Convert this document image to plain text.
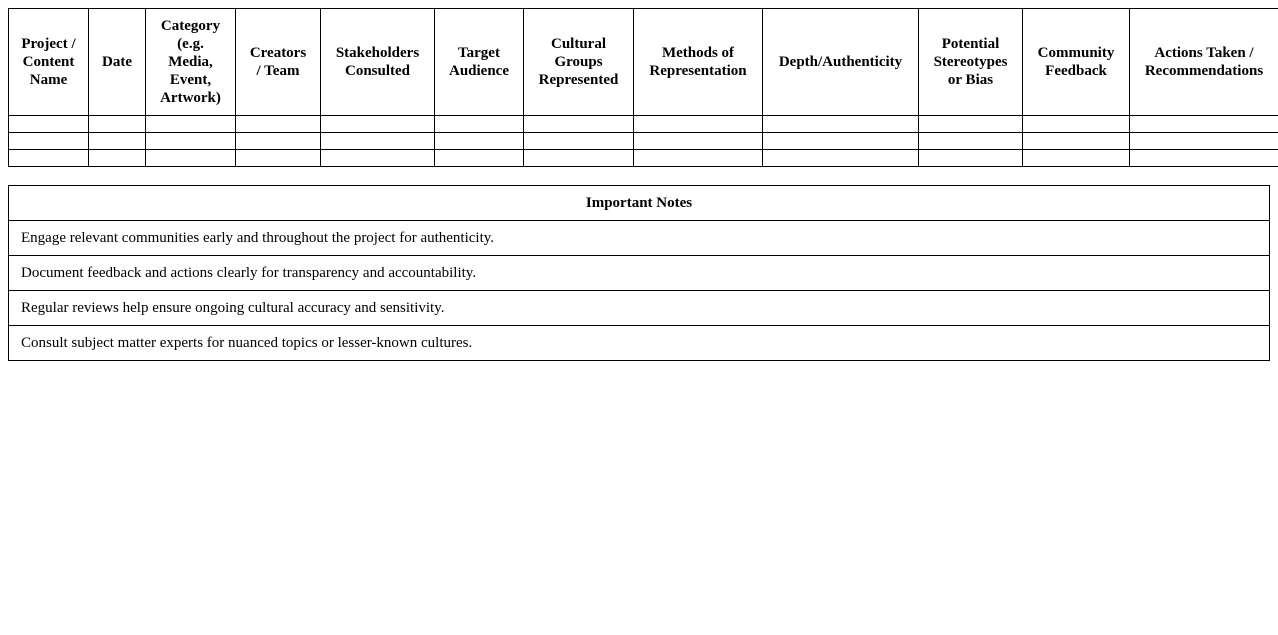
Project / Content Name	Date	Category (e.g. Media, Event, Artwork)	Creators / Team	Stakeholders Consulted	Target Audience	Cultural Groups Represented	Methods of Representation	Depth/Authenticity	Potential Stereotypes or Bias	Community Feedback	Actions Taken / Recommendations

Important Notes
Engage relevant communities early and throughout the project for authenticity.
Document feedback and actions clearly for transparency and accountability.
Regular reviews help ensure ongoing cultural accuracy and sensitivity.
Consult subject matter experts for nuanced topics or lesser-known cultures.
